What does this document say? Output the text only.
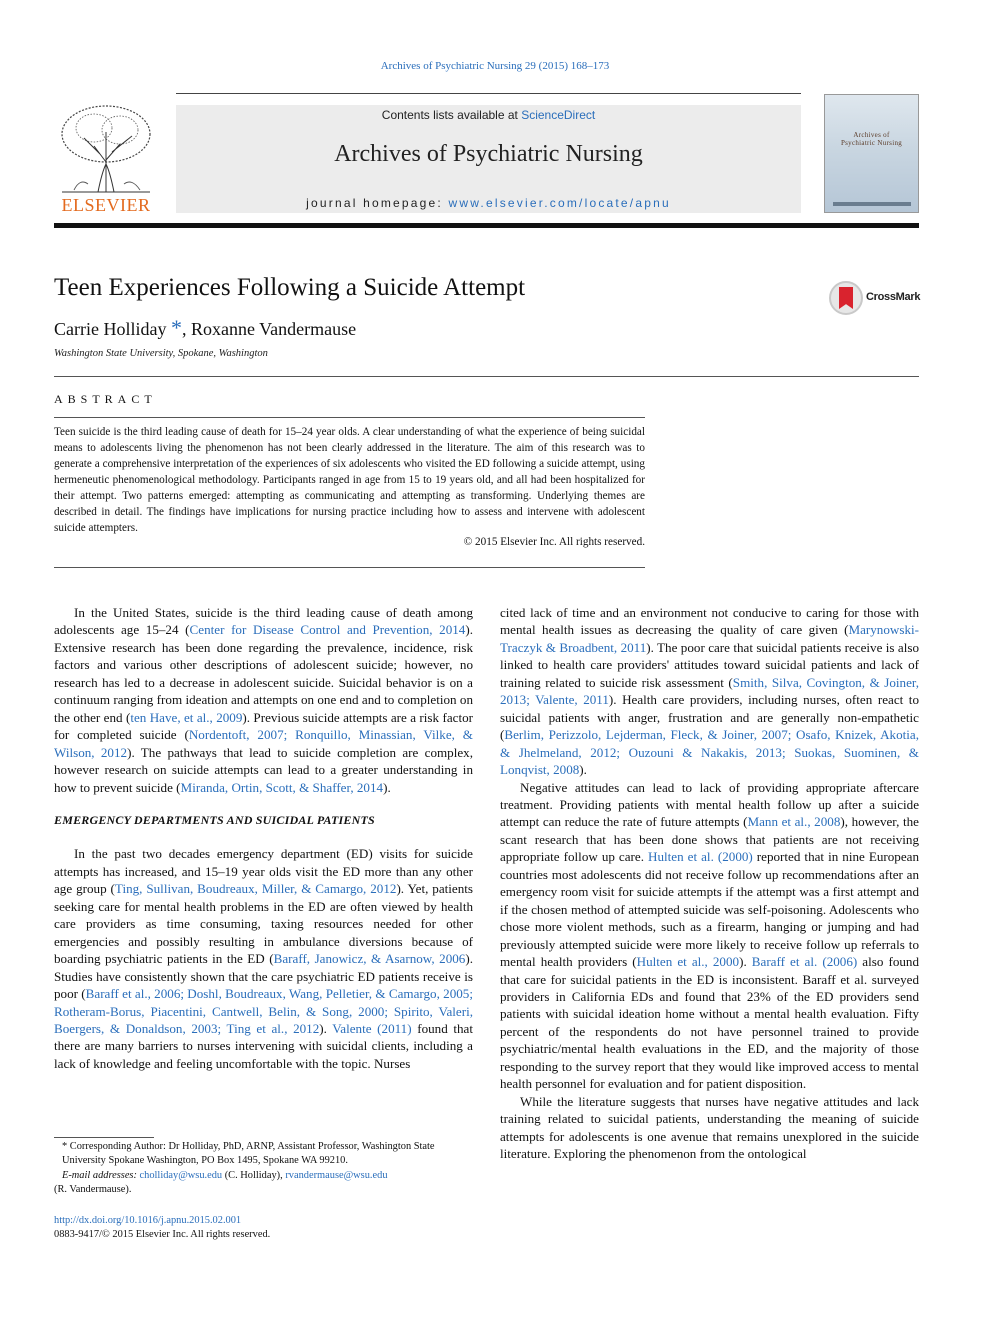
Archives of Psychiatric Nursing 29 (2015) 168–173
ELSEVIER
Contents lists available at ScienceDirect
Archives of Psychiatric Nursing
journal homepage: www.elsevier.com/locate/apnu
Archives of
Psychiatric Nursing
Teen Experiences Following a Suicide Attempt	CrossMark
Carrie Holliday *, Roxanne Vandermause
Washington State University, Spokane, Washington
ABSTRACT
Teen suicide is the third leading cause of death for 15–24 year olds. A clear understanding of what the experience of being suicidal means to adolescents living the phenomenon has not been clearly addressed in the literature. The aim of this research was to generate a comprehensive interpretation of the experiences of six adolescents who visited the ED following a suicide attempt, using hermeneutic phenomenological methodology. Participants ranged in age from 15 to 19 years old, and all had been hospitalized for their attempt. Two patterns emerged: attempting as communicating and attempting as transforming. Underlying themes are described in detail. The findings have implications for nursing practice including how to assess and intervene with adolescent suicide attempters.
© 2015 Elsevier Inc. All rights reserved.

In the United States, suicide is the third leading cause of death among adolescents age 15–24 (Center for Disease Control and Prevention, 2014). Extensive research has been done regarding the prevalence, incidence, risk factors and various other descriptions of adolescent suicide; however, no research has led to a decrease in adolescent suicide. Suicidal behavior is on a continuum ranging from ideation and attempts on one end and to completion on the other end (ten Have, et al., 2009). Previous suicide attempts are a risk factor for completed suicide (Nordentoft, 2007; Ronquillo, Minassian, Vilke, & Wilson, 2012). The pathways that lead to suicide completion are complex, however research on suicide attempts can lead to a greater understanding in how to prevent suicide (Miranda, Ortin, Scott, & Shaffer, 2014).

EMERGENCY DEPARTMENTS AND SUICIDAL PATIENTS

In the past two decades emergency department (ED) visits for suicide attempts has increased, and 15–19 year olds visit the ED more than any other age group (Ting, Sullivan, Boudreaux, Miller, & Camargo, 2012). Yet, patients seeking care for mental health problems in the ED are often viewed by health care providers as time consuming, taxing resources needed for other emergencies and possibly resulting in ambulance diversions because of boarding psychiatric patients in the ED (Baraff, Janowicz, & Asarnow, 2006). Studies have consistently shown that the care psychiatric ED patients receive is poor (Baraff et al., 2006; Doshl, Boudreaux, Wang, Pelletier, & Camargo, 2005; Rotheram-Borus, Piacentini, Cantwell, Belin, & Song, 2000; Spirito, Valeri, Boergers, & Donaldson, 2003; Ting et al., 2012). Valente (2011) found that there are many barriers to nurses intervening with suicidal clients, including a lack of knowledge and feeling uncomfortable with the topic. Nurses

cited lack of time and an environment not conducive to caring for those with mental health issues as decreasing the quality of care given (Marynowski-Traczyk & Broadbent, 2011). The poor care that suicidal patients receive is also linked to health care providers' attitudes toward suicidal patients and lack of training related to suicide risk assessment (Smith, Silva, Covington, & Joiner, 2013; Valente, 2011). Health care providers, including nurses, often react to suicidal patients with anger, frustration and are generally non-empathetic (Berlim, Perizzolo, Lejderman, Fleck, & Joiner, 2007; Osafo, Knizek, Akotia, & Jhelmeland, 2012; Ouzouni & Nakakis, 2013; Suokas, Suominen, & Lonqvist, 2008).

Negative attitudes can lead to lack of providing appropriate aftercare treatment. Providing patients with mental health follow up after a suicide attempt can reduce the rate of future attempts (Mann et al., 2008), however, the scant research that has been done shows that patients are not receiving appropriate follow up care. Hulten et al. (2000) reported that in nine European countries most adolescents did not receive follow up recommendations after an emergency room visit for suicide attempts if the attempt was a first attempt and if the chosen method of attempted suicide was self-poisoning. Adolescents who chose more violent methods, such as a firearm, hanging or jumping and had previously attempted suicide were more likely to receive follow up referrals to mental health providers (Hulten et al., 2000). Baraff et al. (2006) also found that care for suicidal patients in the ED is inconsistent. Baraff et al. surveyed providers in California EDs and found that 23% of the ED providers send patients with suicidal ideation home without a mental health evaluation. Fifty percent of the respondents do not have personnel trained to provide psychiatric/mental health evaluations in the ED, and the majority of those responding to the survey report that they would like improved access to mental health personnel for evaluation and for patient disposition.

While the literature suggests that nurses have negative attitudes and lack training related to suicidal patients, understanding the meaning of suicide attempts for adolescents is one avenue that remains unexplored in the suicide literature. Exploring the phenomenon from the ontological

* Corresponding Author: Dr Holliday, PhD, ARNP, Assistant Professor, Washington State University Spokane Washington, PO Box 1495, Spokane WA 99210.
E-mail addresses: cholliday@wsu.edu (C. Holliday), rvandermause@wsu.edu
(R. Vandermause).
http://dx.doi.org/10.1016/j.apnu.2015.02.001
0883-9417/© 2015 Elsevier Inc. All rights reserved.
